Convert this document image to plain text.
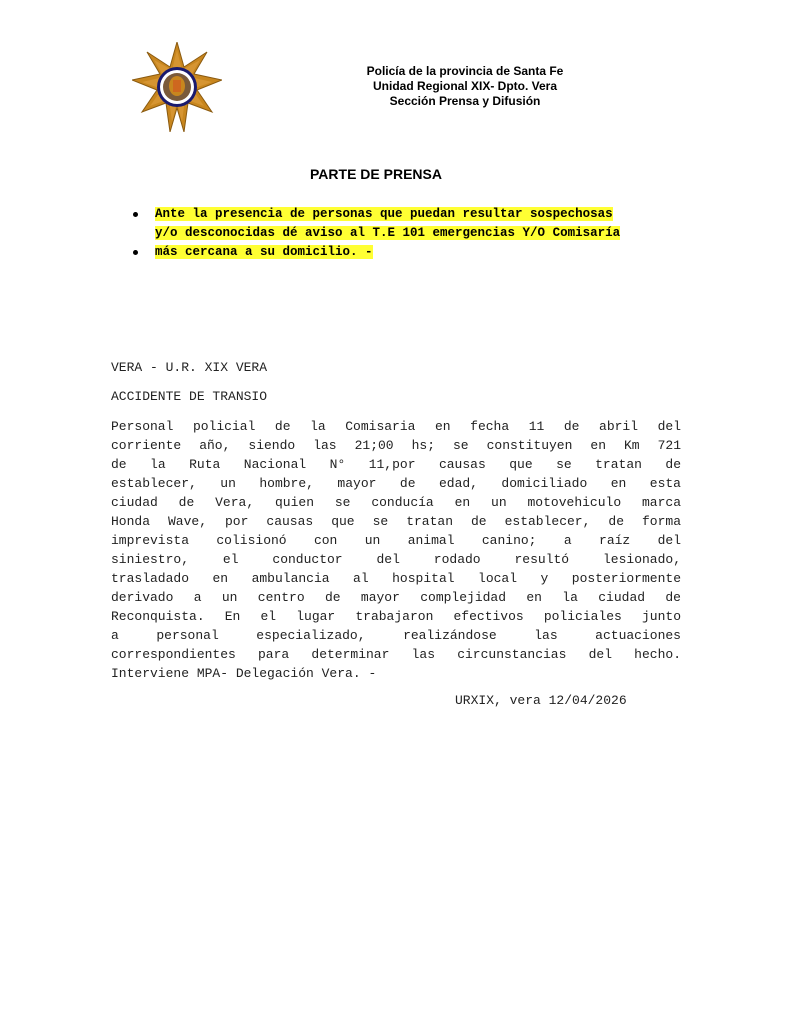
Policía de la provincia de Santa Fe
Unidad Regional XIX- Dpto. Vera
Sección Prensa y Difusión
PARTE DE PRENSA
Ante la presencia de personas que puedan resultar sospechosas
y/o desconocidas dé aviso al T.E 101 emergencias Y/O Comisaría
más cercana a su domicilio. -
VERA - U.R. XIX VERA
ACCIDENTE DE TRANSIO
Personal policial de la Comisaria en fecha 11 de abril del
corriente año, siendo las 21;00 hs; se constituyen en Km 721
de la Ruta Nacional N° 11,por causas que se tratan de
establecer, un hombre, mayor de edad, domiciliado en esta
ciudad de Vera, quien se conducía en un motovehiculo marca
Honda Wave, por causas que se tratan de establecer, de forma
imprevista colisionó con un animal canino; a raíz del
siniestro, el conductor del rodado resultó lesionado,
trasladado en ambulancia al hospital local y posteriormente
derivado a un centro de mayor complejidad en la ciudad de
Reconquista. En el lugar trabajaron efectivos policiales junto
a personal especializado, realizándose las actuaciones
correspondientes para determinar las circunstancias del hecho.
Interviene MPA- Delegación Vera. -
URXIX, vera 12/04/2026
